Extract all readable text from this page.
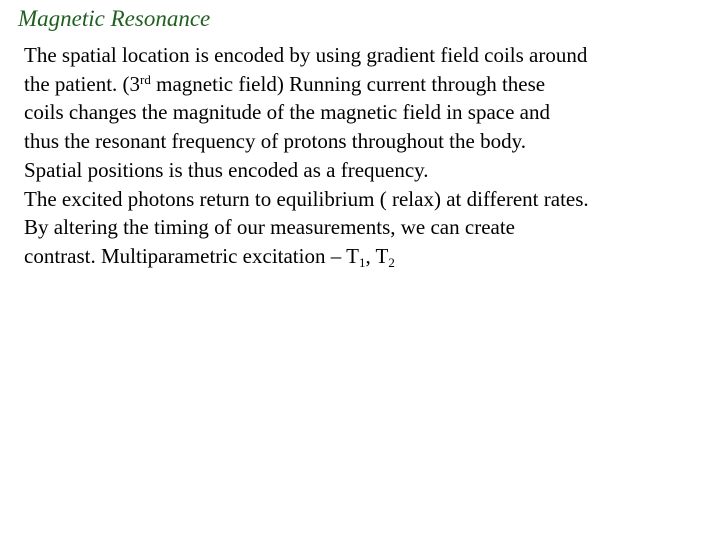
Magnetic Resonance

The spatial location is encoded by using gradient field coils around
the patient. (3rd magnetic field) Running current through these
coils changes the magnitude of the magnetic field in space and
thus the resonant frequency of protons throughout the body.
Spatial positions is thus encoded as a frequency.

The excited photons return to equilibrium ( relax) at different rates.
By altering the timing of our measurements, we can create
contrast. Multiparametric excitation – $T_1$, $T_2$
